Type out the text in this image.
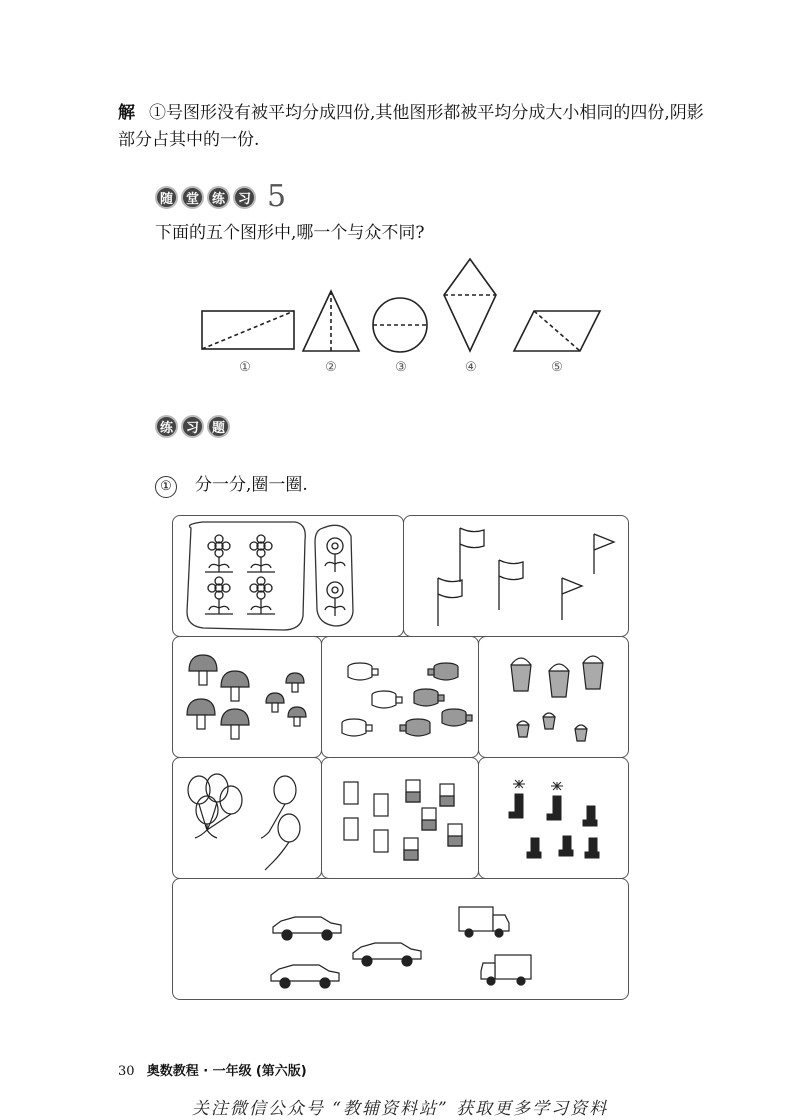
解 ①号图形没有被平均分成四份,其他图形都被平均分成大小相同的四份,阴影部分占其中的一份.
随 堂 练 习 5
下面的五个图形中,哪一个与众不同?
①	②	③	④	⑤
练 习 题
① 分一分,圈一圈.
30 奥数教程 · 一年级 (第六版)
关注微信公众号 “教辅资料站” 获取更多学习资料
